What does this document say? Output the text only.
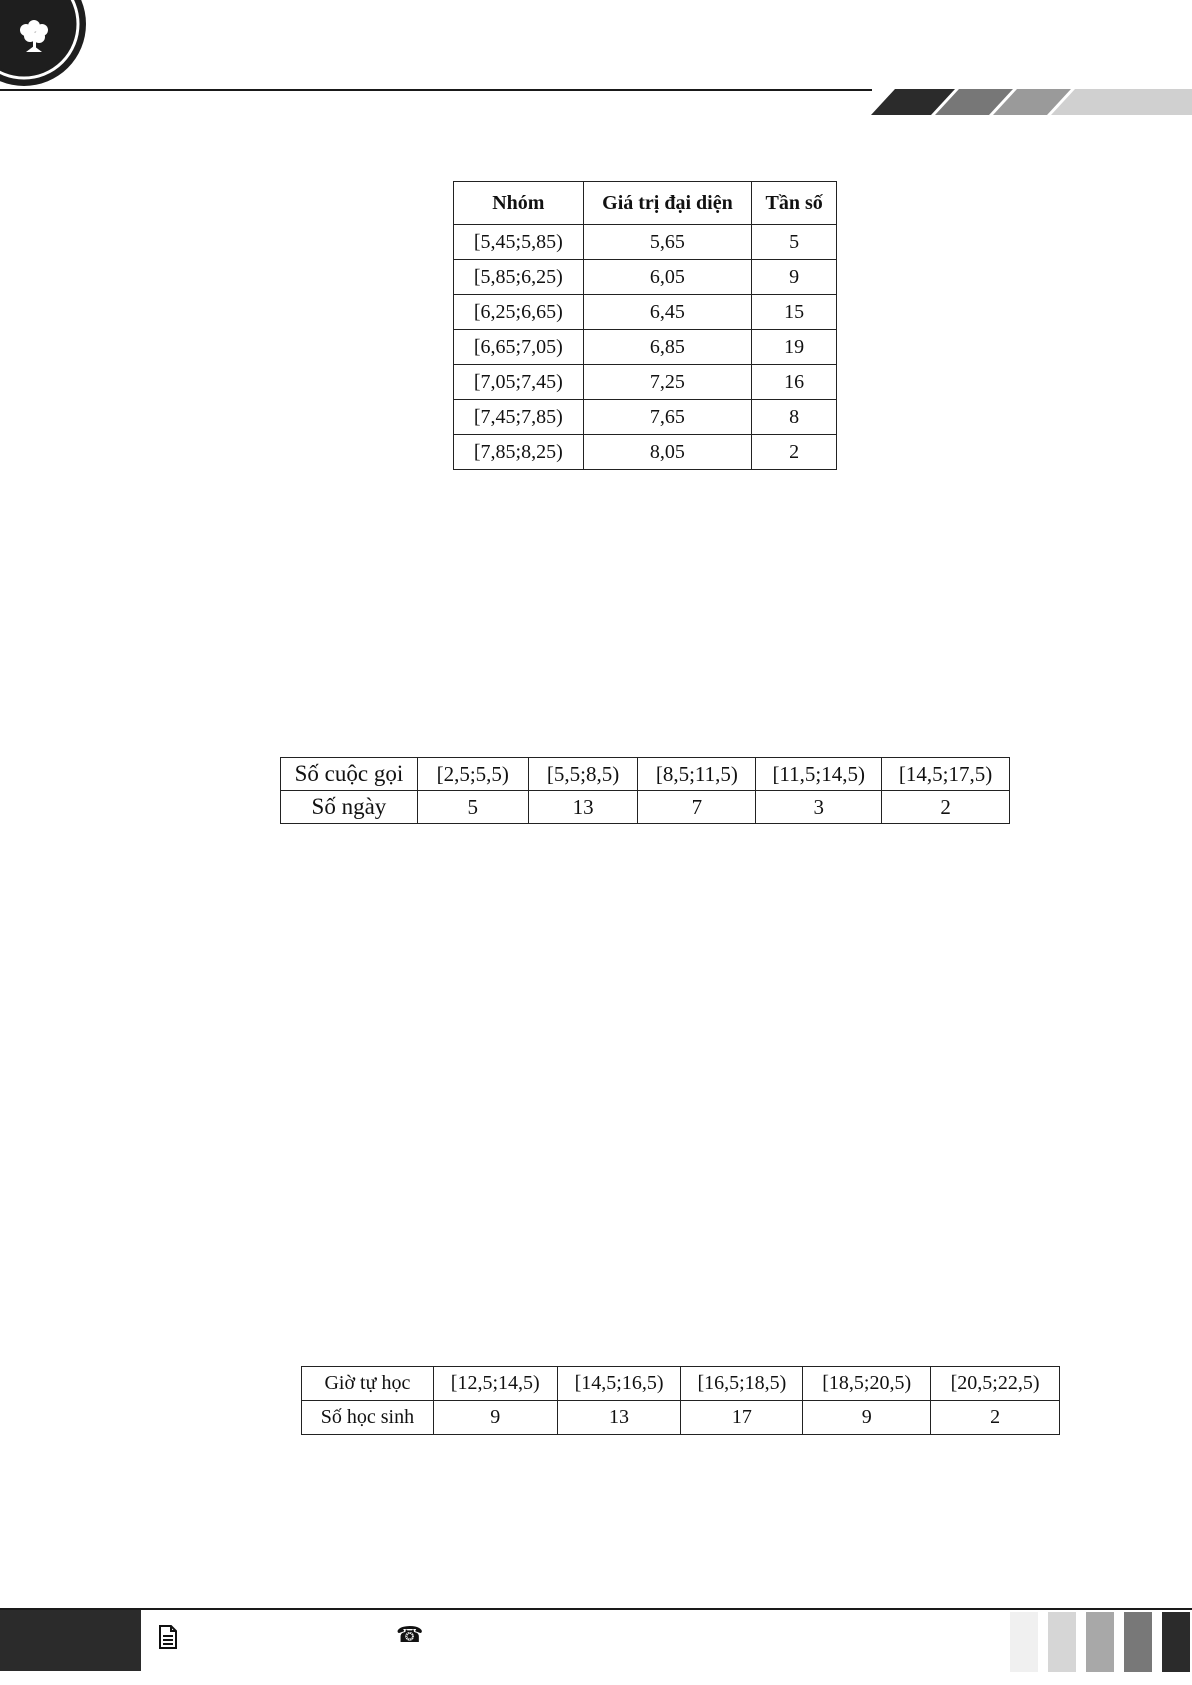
Nhóm	Giá trị đại diện	Tần số
[5,45;5,85)	5,65	5
[5,85;6,25)	6,05	9
[6,25;6,65)	6,45	15
[6,65;7,05)	6,85	19
[7,05;7,45)	7,25	16
[7,45;7,85)	7,65	8
[7,85;8,25)	8,05	2
Số cuộc gọi	[2,5;5,5)	[5,5;8,5)	[8,5;11,5)	[11,5;14,5)	[14,5;17,5)
Số ngày	5	13	7	3	2
Giờ tự học	[12,5;14,5)	[14,5;16,5)	[16,5;18,5)	[18,5;20,5)	[20,5;22,5)
Số học sinh	9	13	17	9	2
☎
